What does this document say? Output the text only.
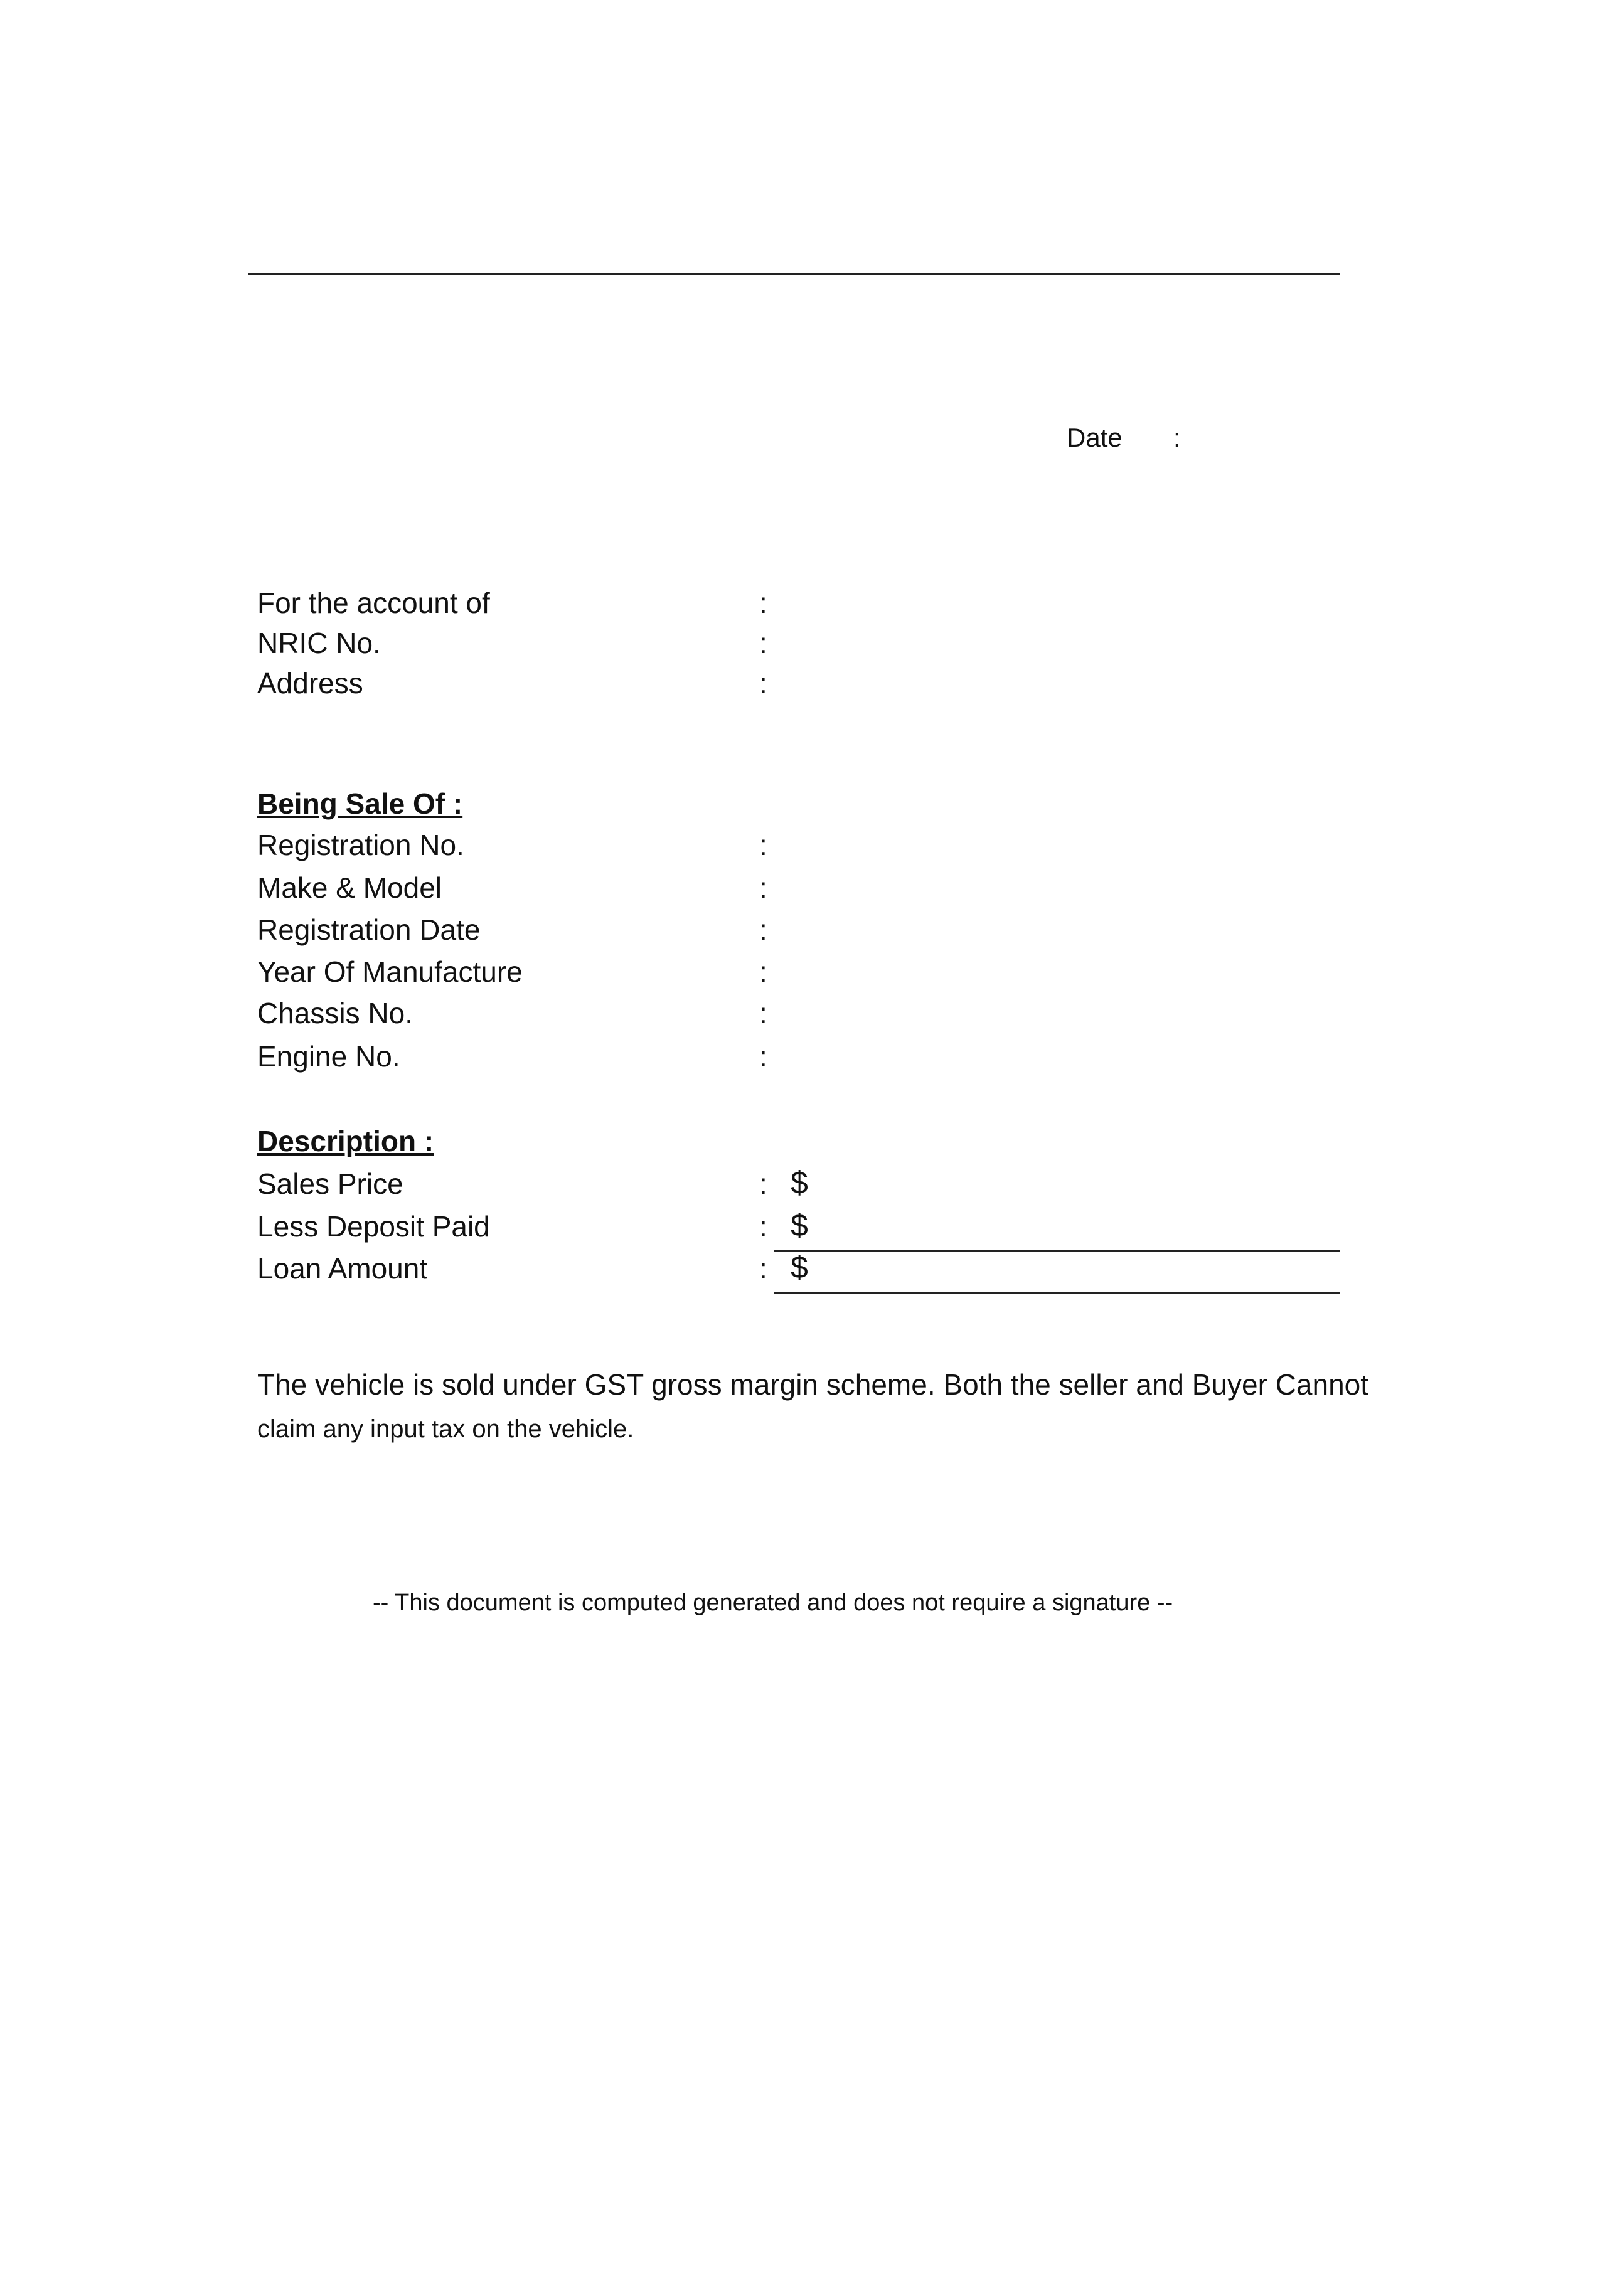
Date :
For the account of	:
NRIC No.	:
Address	:
Being Sale Of :
Registration No.	:
Make & Model	:
Registration Date	:
Year Of Manufacture	:
Chassis No.	:
Engine No.	:
Description :
Sales Price	: $
Less Deposit Paid	: $
Loan Amount	: $
The vehicle is sold under GST gross margin scheme. Both the seller and Buyer Cannot
claim any input tax on the vehicle.
-- This document is computed generated and does not require a signature --
